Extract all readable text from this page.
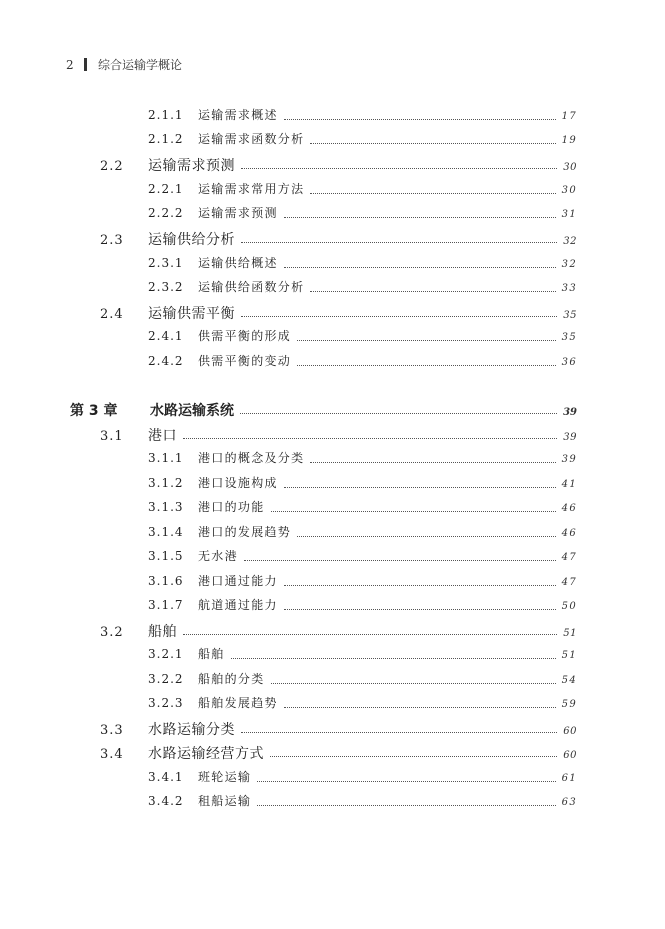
2	综合运输学概论
2.1.1	运输需求概述	17
2.1.2	运输需求函数分析	19
2.2	运输需求预测	30
2.2.1	运输需求常用方法	30
2.2.2	运输需求预测	31
2.3	运输供给分析	32
2.3.1	运输供给概述	32
2.3.2	运输供给函数分析	33
2.4	运输供需平衡	35
2.4.1	供需平衡的形成	35
2.4.2	供需平衡的变动	36
第 3 章	水路运输系统	39
3.1	港口	39
3.1.1	港口的概念及分类	39
3.1.2	港口设施构成	41
3.1.3	港口的功能	46
3.1.4	港口的发展趋势	46
3.1.5	无水港	47
3.1.6	港口通过能力	47
3.1.7	航道通过能力	50
3.2	船舶	51
3.2.1	船舶	51
3.2.2	船舶的分类	54
3.2.3	船舶发展趋势	59
3.3	水路运输分类	60
3.4	水路运输经营方式	60
3.4.1	班轮运输	61
3.4.2	租船运输	63
